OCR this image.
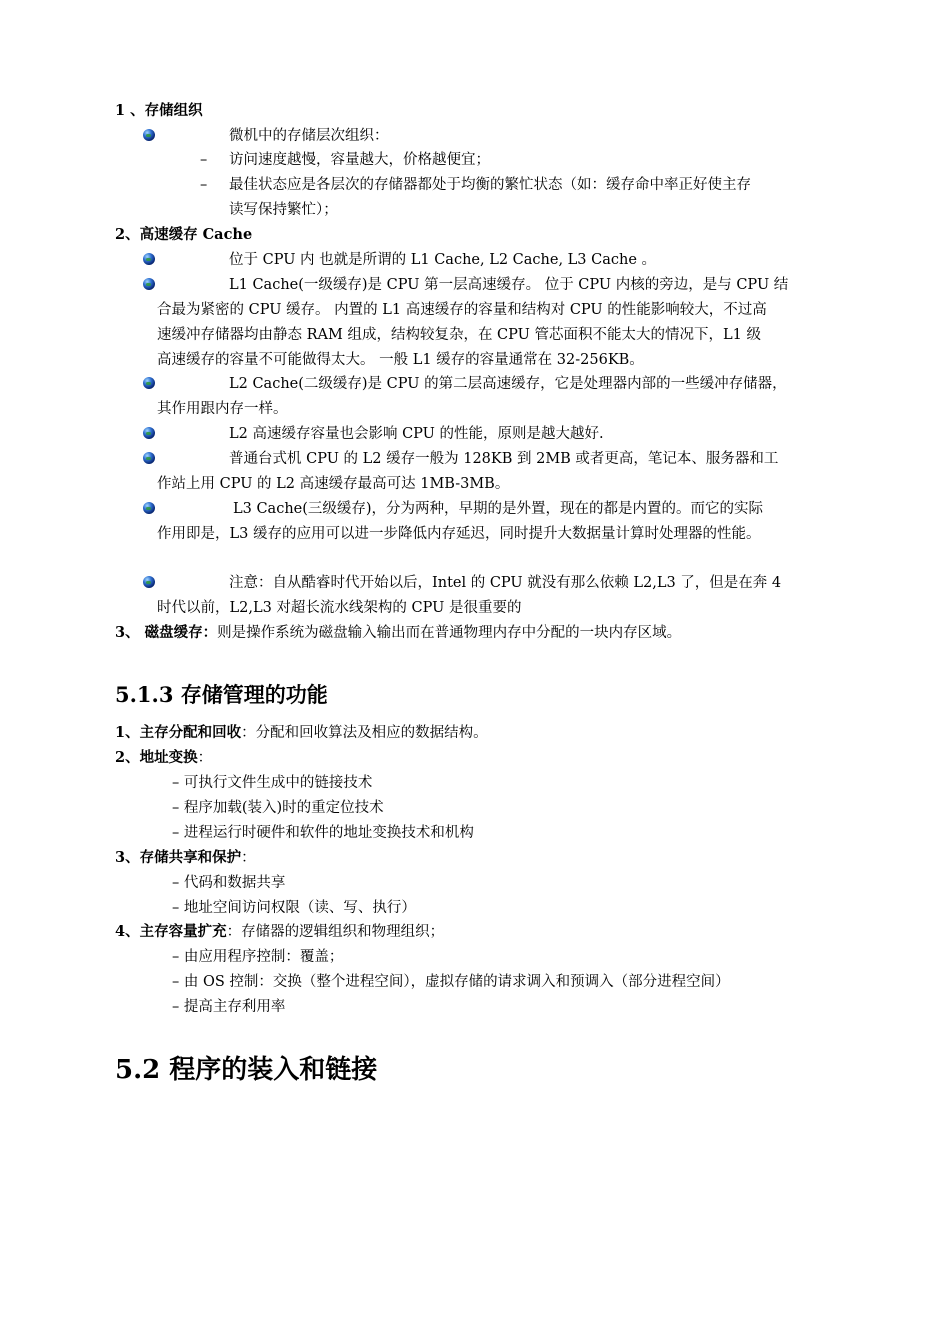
1 、存储组织
微机中的存储层次组织：
– 访问速度越慢，容量越大，价格越便宜；
– 最佳状态应是各层次的存储器都处于均衡的繁忙状态（如：缓存命中率正好使主存
读写保持繁忙）；
2、高速缓存 Cache
位于 CPU 内 也就是所谓的 L1 Cache, L2 Cache, L3 Cache 。
L1 Cache(一级缓存)是 CPU 第一层高速缓存。 位于 CPU 内核的旁边，是与 CPU 结
合最为紧密的 CPU 缓存。 内置的 L1 高速缓存的容量和结构对 CPU 的性能影响较大，不过高
速缓冲存储器均由静态 RAM 组成，结构较复杂，在 CPU 管芯面积不能太大的情况下，L1 级
高速缓存的容量不可能做得太大。 一般 L1 缓存的容量通常在 32-256KB。
L2 Cache(二级缓存)是 CPU 的第二层高速缓存，它是处理器内部的一些缓冲存储器，
其作用跟内存一样。
L2 高速缓存容量也会影响 CPU 的性能，原则是越大越好.
普通台式机 CPU 的 L2 缓存一般为 128KB 到 2MB 或者更高，笔记本、服务器和工
作站上用 CPU 的 L2 高速缓存最高可达 1MB-3MB。
L3 Cache(三级缓存)，分为两种，早期的是外置，现在的都是内置的。而它的实际
作用即是，L3 缓存的应用可以进一步降低内存延迟，同时提升大数据量计算时处理器的性能。
注意：自从酷睿时代开始以后，Intel 的 CPU 就没有那么依赖 L2,L3 了，但是在奔 4
时代以前，L2,L3 对超长流水线架构的 CPU 是很重要的
3、 磁盘缓存：则是操作系统为磁盘输入输出而在普通物理内存中分配的一块内存区域。
5.1.3 存储管理的功能
1、主存分配和回收：分配和回收算法及相应的数据结构。
2、地址变换：
– 可执行文件生成中的链接技术
– 程序加载(装入)时的重定位技术
– 进程运行时硬件和软件的地址变换技术和机构
3、存储共享和保护：
– 代码和数据共享
– 地址空间访问权限（读、写、执行）
4、主存容量扩充：存储器的逻辑组织和物理组织；
– 由应用程序控制：覆盖；
– 由 OS 控制：交换（整个进程空间），虚拟存储的请求调入和预调入（部分进程空间）
– 提高主存利用率
5.2 程序的装入和链接
